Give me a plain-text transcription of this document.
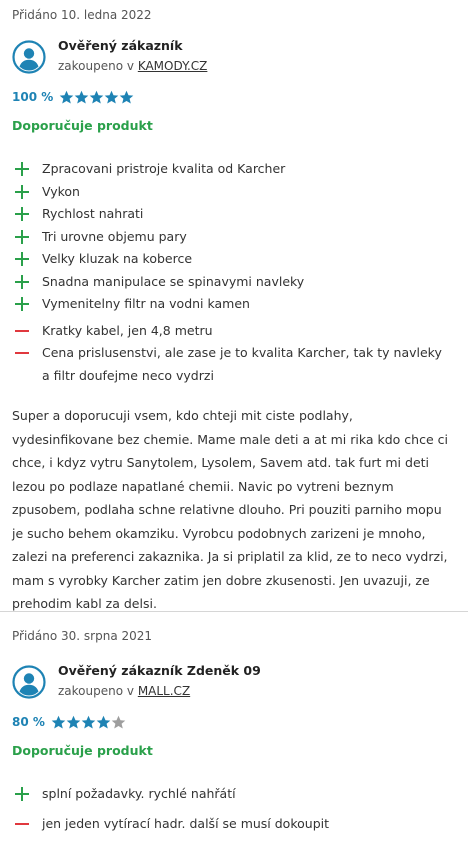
Přidáno 10. ledna 2022
Ověřený zákazník
zakoupeno v KAMODY.CZ
100 %
Doporučuje produkt
Zpracovani pristroje kvalita od Karcher
Vykon
Rychlost nahrati
Tri urovne objemu pary
Velky kluzak na koberce
Snadna manipulace se spinavymi navleky
Vymenitelny filtr na vodni kamen
Kratky kabel, jen 4,8 metru
Cena prislusenstvi, ale zase je to kvalita Karcher, tak ty navleky a filtr doufejme neco vydrzi

Super a doporucuji vsem, kdo chteji mit ciste podlahy, vydesinfikovane bez chemie. Mame male deti a at mi rika kdo chce ci chce, i kdyz vytru Sanytolem, Lysolem, Savem atd. tak furt mi deti lezou po podlaze napatlané chemii. Navic po vytreni beznym zpusobem, podlaha schne relativne dlouho. Pri pouziti parniho mopu je sucho behem okamziku. Vyrobcu podobnych zarizeni je mnoho, zalezi na preferenci zakaznika. Ja si priplatil za klid, ze to neco vydrzi, mam s vyrobky Karcher zatim jen dobre zkusenosti. Jen uvazuji, ze prehodim kabl za delsi.

Přidáno 30. srpna 2021
Ověřený zákazník Zdeněk 09
zakoupeno v MALL.CZ
80 %
Doporučuje produkt
splní požadavky. rychlé nahřátí
jen jeden vytírací hadr. další se musí dokoupit
